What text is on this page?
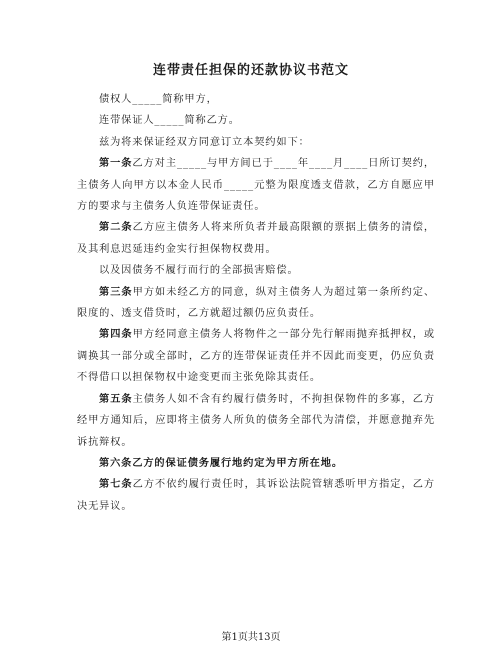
连带责任担保的还款协议书范文

债权人_____简称甲方，

连带保证人_____简称乙方。

兹为将来保证经双方同意订立本契约如下：

第一条乙方对主_____与甲方间已于____年____月____日所订契约，主债务人向甲方以本金人民币_____元整为限度透支借款，乙方自愿应甲方的要求与主债务人负连带保证责任。

第二条乙方应主债务人将来所负者并最高限额的票据上债务的清偿，及其利息迟延违约金实行担保物权费用。

以及因债务不履行而行的全部损害赔偿。

第三条甲方如未经乙方的同意，纵对主债务人为超过第一条所约定、限度的、透支借贷时，乙方就超过额仍应负责任。

第四条甲方经同意主债务人将物件之一部分先行解雨抛弃抵押权，或调换其一部分或全部时，乙方的连带保证责任并不因此而变更，仍应负责不得借口以担保物权中途变更而主张免除其责任。

第五条主债务人如不含有约履行债务时，不拘担保物件的多寡，乙方经甲方通知后，应即将主债务人所负的债务全部代为清偿，并愿意抛弃先诉抗辩权。

第六条乙方的保证债务履行地约定为甲方所在地。

第七条乙方不依约履行责任时，其诉讼法院管辖悉听甲方指定，乙方决无异议。

第1页共13页
